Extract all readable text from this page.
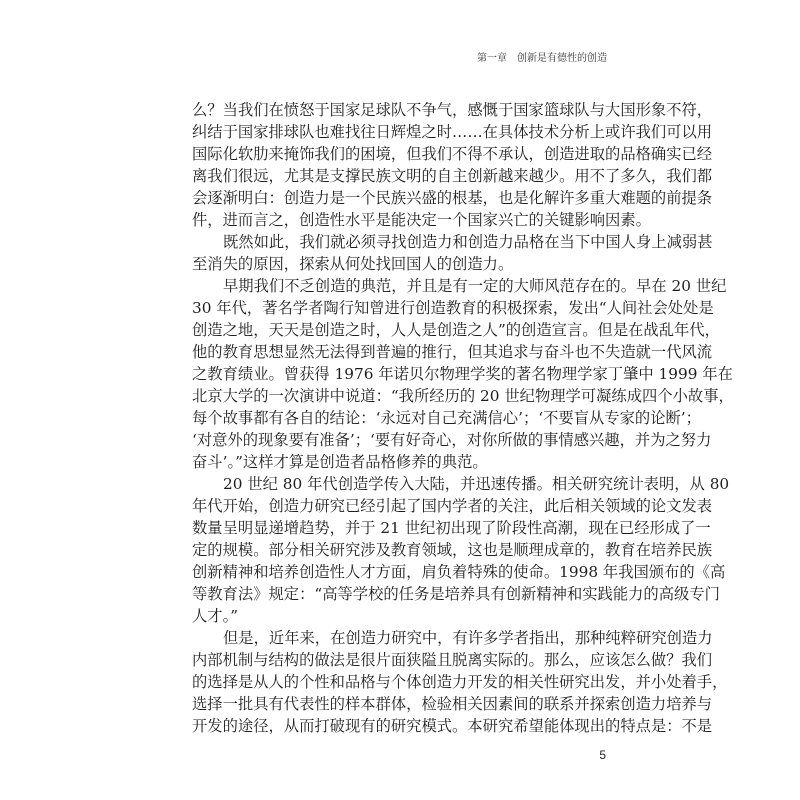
第一章　创新是有德性的创造
么？当我们在愤怒于国家足球队不争气，感慨于国家篮球队与大国形象不符，
纠结于国家排球队也难找往日辉煌之时……在具体技术分析上或许我们可以用
国际化软肋来掩饰我们的困境，但我们不得不承认，创造进取的品格确实已经
离我们很远，尤其是支撑民族文明的自主创新越来越少。用不了多久，我们都
会逐渐明白：创造力是一个民族兴盛的根基，也是化解许多重大难题的前提条
件，进而言之，创造性水平是能决定一个国家兴亡的关键影响因素。
既然如此，我们就必须寻找创造力和创造力品格在当下中国人身上减弱甚
至消失的原因，探索从何处找回国人的创造力。
早期我们不乏创造的典范，并且是有一定的大师风范存在的。早在 20 世纪
30 年代，著名学者陶行知曾进行创造教育的积极探索，发出“人间社会处处是
创造之地，天天是创造之时，人人是创造之人”的创造宣言。但是在战乱年代，
他的教育思想显然无法得到普遍的推行，但其追求与奋斗也不失造就一代风流
之教育绩业。曾获得 1976 年诺贝尔物理学奖的著名物理学家丁肇中 1999 年在
北京大学的一次演讲中说道：“我所经历的 20 世纪物理学可凝练成四个小故事，
每个故事都有各自的结论：‘永远对自己充满信心’；‘不要盲从专家的论断’；
‘对意外的现象要有准备’；‘要有好奇心，对你所做的事情感兴趣，并为之努力
奋斗’。”这样才算是创造者品格修养的典范。
20 世纪 80 年代创造学传入大陆，并迅速传播。相关研究统计表明，从 80
年代开始，创造力研究已经引起了国内学者的关注，此后相关领域的论文发表
数量呈明显递增趋势，并于 21 世纪初出现了阶段性高潮，现在已经形成了一
定的规模。部分相关研究涉及教育领域，这也是顺理成章的，教育在培养民族
创新精神和培养创造性人才方面，肩负着特殊的使命。1998 年我国颁布的《高
等教育法》规定：“高等学校的任务是培养具有创新精神和实践能力的高级专门
人才。”
但是，近年来，在创造力研究中，有许多学者指出，那种纯粹研究创造力
内部机制与结构的做法是很片面狭隘且脱离实际的。那么，应该怎么做？我们
的选择是从人的个性和品格与个体创造力开发的相关性研究出发，并小处着手，
选择一批具有代表性的样本群体，检验相关因素间的联系并探索创造力培养与
开发的途径，从而打破现有的研究模式。本研究希望能体现出的特点是：不是
5
